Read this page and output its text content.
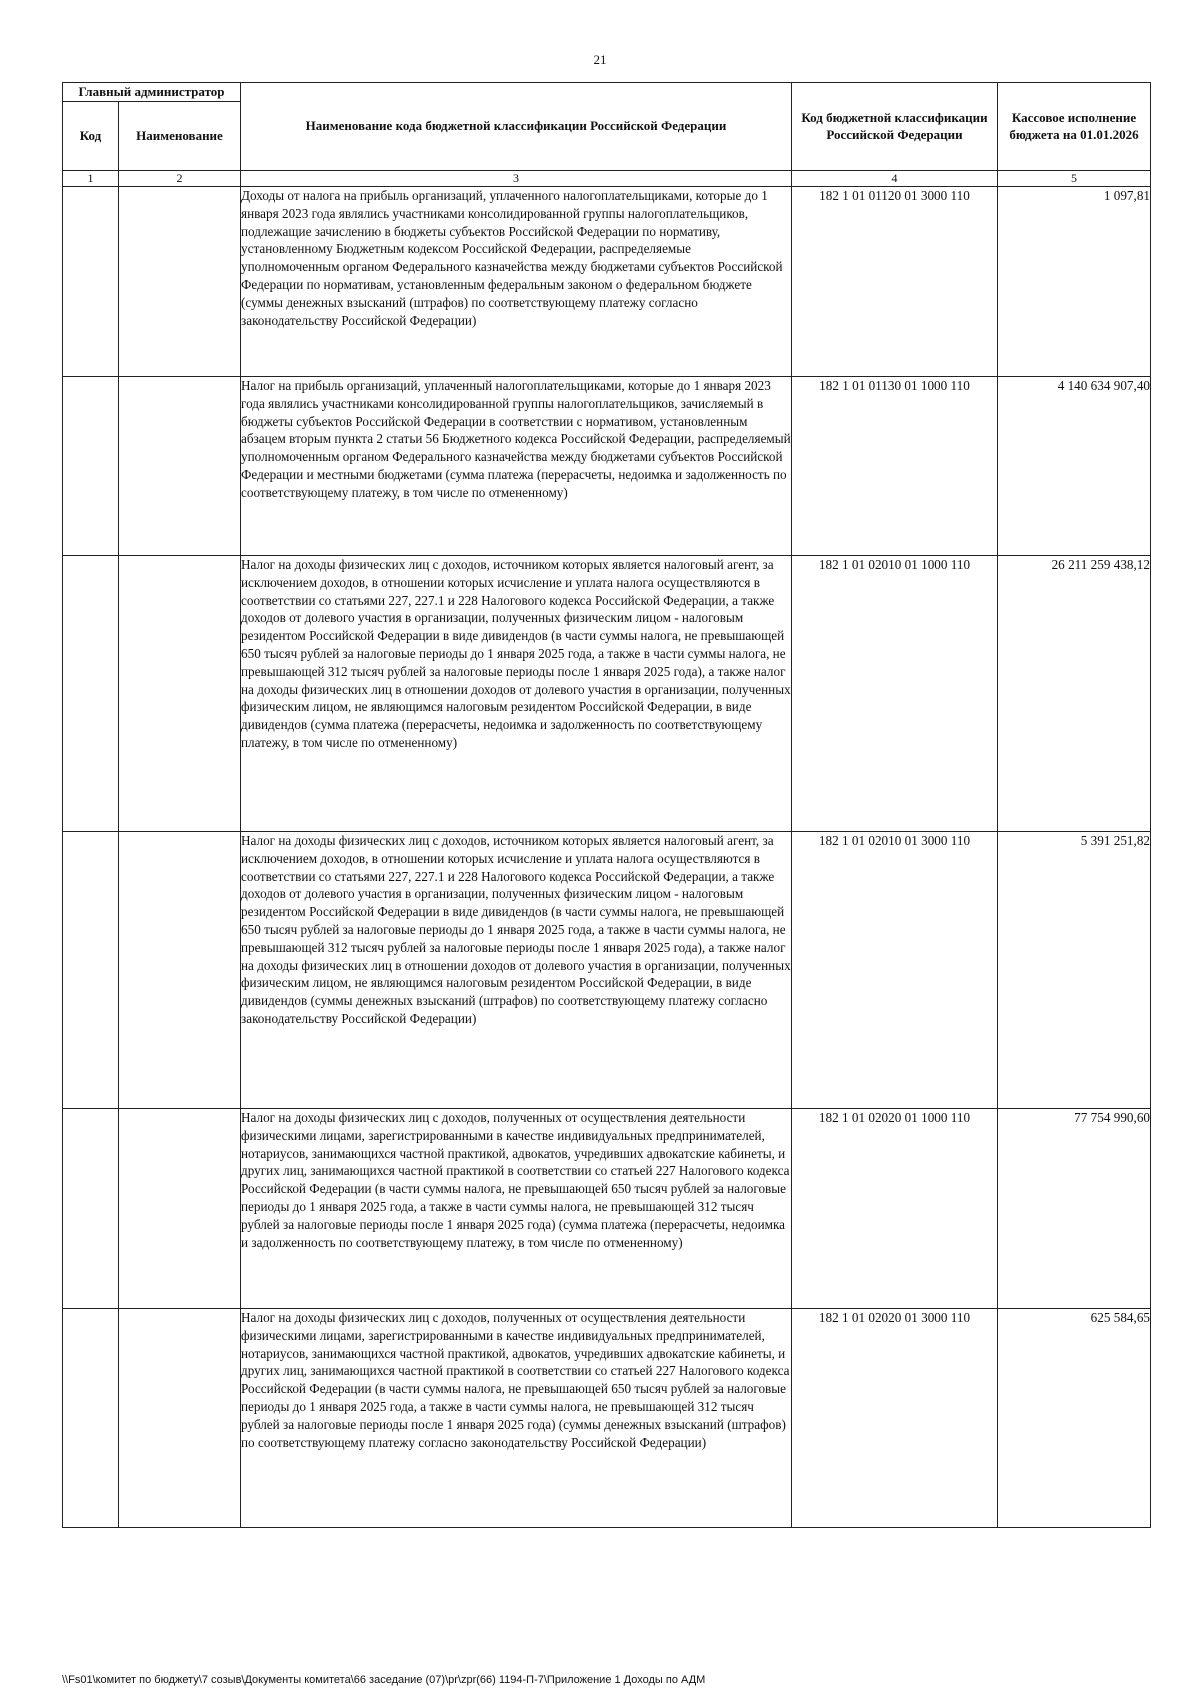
21
Главный администратор		Наименование кода бюджетной классификации Российской Федерации	Код бюджетной классификации Российской Федерации	Кассовое исполнение бюджета на 01.01.2026
Код	Наименование			
1	2	3	4	5
		Доходы от налога на прибыль организаций, уплаченного налогоплательщиками, которые до 1 января 2023 года являлись участниками консолидированной группы налогоплательщиков, подлежащие зачислению в бюджеты субъектов Российской Федерации по нормативу, установленному Бюджетным кодексом Российской Федерации, распределяемые уполномоченным органом Федерального казначейства между бюджетами субъектов Российской Федерации по нормативам, установленным федеральным законом о федеральном бюджете (суммы денежных взысканий (штрафов) по соответствующему платежу согласно законодательству Российской Федерации)	182 1 01 01120 01 3000 110	1 097,81
		Налог на прибыль организаций, уплаченный налогоплательщиками, которые до 1 января 2023 года являлись участниками консолидированной группы налогоплательщиков, зачисляемый в бюджеты субъектов Российской Федерации в соответствии с нормативом, установленным абзацем вторым пункта 2 статьи 56 Бюджетного кодекса Российской Федерации, распределяемый уполномоченным органом Федерального казначейства между бюджетами субъектов Российской Федерации и местными бюджетами (сумма платежа (перерасчеты, недоимка и задолженность по соответствующему платежу, в том числе по отмененному)	182 1 01 01130 01 1000 110	4 140 634 907,40
		Налог на доходы физических лиц с доходов, источником которых является налоговый агент, за исключением доходов, в отношении которых исчисление и уплата налога осуществляются в соответствии со статьями 227, 227.1 и 228 Налогового кодекса Российской Федерации, а также доходов от долевого участия в организации, полученных физическим лицом - налоговым резидентом Российской Федерации в виде дивидендов (в части суммы налога, не превышающей 650 тысяч рублей за налоговые периоды до 1 января 2025 года, а также в части суммы налога, не превышающей 312 тысяч рублей за налоговые периоды после 1 января 2025 года), а также налог на доходы физических лиц в отношении доходов от долевого участия в организации, полученных физическим лицом, не являющимся налоговым резидентом Российской Федерации, в виде дивидендов (сумма платежа (перерасчеты, недоимка и задолженность по соответствующему платежу, в том числе по отмененному)	182 1 01 02010 01 1000 110	26 211 259 438,12
		Налог на доходы физических лиц с доходов, источником которых является налоговый агент, за исключением доходов, в отношении которых исчисление и уплата налога осуществляются в соответствии со статьями 227, 227.1 и 228 Налогового кодекса Российской Федерации, а также доходов от долевого участия в организации, полученных физическим лицом - налоговым резидентом Российской Федерации в виде дивидендов (в части суммы налога, не превышающей 650 тысяч рублей за налоговые периоды до 1 января 2025 года, а также в части суммы налога, не превышающей 312 тысяч рублей за налоговые периоды после 1 января 2025 года), а также налог на доходы физических лиц в отношении доходов от долевого участия в организации, полученных физическим лицом, не являющимся налоговым резидентом Российской Федерации, в виде дивидендов (суммы денежных взысканий (штрафов) по соответствующему платежу согласно законодательству Российской Федерации)	182 1 01 02010 01 3000 110	5 391 251,82
		Налог на доходы физических лиц с доходов, полученных от осуществления деятельности физическими лицами, зарегистрированными в качестве индивидуальных предпринимателей, нотариусов, занимающихся частной практикой, адвокатов, учредивших адвокатские кабинеты, и других лиц, занимающихся частной практикой в соответствии со статьей 227 Налогового кодекса Российской Федерации (в части суммы налога, не превышающей 650 тысяч рублей за налоговые периоды до 1 января 2025 года, а также в части суммы налога, не превышающей 312 тысяч рублей за налоговые периоды после 1 января 2025 года) (сумма платежа (перерасчеты, недоимка и задолженность по соответствующему платежу, в том числе по отмененному)	182 1 01 02020 01 1000 110	77 754 990,60
		Налог на доходы физических лиц с доходов, полученных от осуществления деятельности физическими лицами, зарегистрированными в качестве индивидуальных предпринимателей, нотариусов, занимающихся частной практикой, адвокатов, учредивших адвокатские кабинеты, и других лиц, занимающихся частной практикой в соответствии со статьей 227 Налогового кодекса Российской Федерации (в части суммы налога, не превышающей 650 тысяч рублей за налоговые периоды до 1 января 2025 года, а также в части суммы налога, не превышающей 312 тысяч рублей за налоговые периоды после 1 января 2025 года) (суммы денежных взысканий (штрафов) по соответствующему платежу согласно законодательству Российской Федерации)	182 1 01 02020 01 3000 110	625 584,65
\\Fs01\комитет по бюджету\7 созыв\Документы комитета\66 заседание (07)\pr\zpr(66) 1194-П-7\Приложение 1 Доходы по АДМ
